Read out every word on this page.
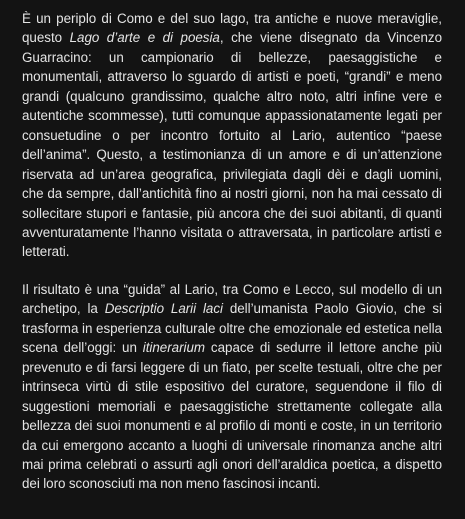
È un periplo di Como e del suo lago, tra antiche e nuove meraviglie, questo Lago d’arte e di poesia, che viene disegnato da Vincenzo Guarracino: un campionario di bellezze, paesaggistiche e monumentali, attraverso lo sguardo di artisti e poeti, “grandi” e meno grandi (qualcuno grandissimo, qualche altro noto, altri infine vere e autentiche scommesse), tutti comunque appassionatamente legati per consuetudine o per incontro fortuito al Lario, autentico “paese dell’anima”. Questo, a testimonianza di un amore e di un’attenzione riservata ad un’area geografica, privilegiata dagli dèi e dagli uomini, che da sempre, dall’antichità fino ai nostri giorni, non ha mai cessato di sollecitare stupori e fantasie, più ancora che dei suoi abitanti, di quanti avventuratamente l’hanno visitata o attraversata, in particolare artisti e letterati.

Il risultato è una “guida” al Lario, tra Como e Lecco, sul modello di un archetipo, la Descriptio Larii laci dell’umanista Paolo Giovio, che si trasforma in esperienza culturale oltre che emozionale ed estetica nella scena dell’oggi: un itinerarium capace di sedurre il lettore anche più prevenuto e di farsi leggere di un fiato, per scelte testuali, oltre che per intrinseca virtù di stile espositivo del curatore, seguendone il filo di suggestioni memoriali e paesaggistiche strettamente collegate alla bellezza dei suoi monumenti e al profilo di monti e coste, in un territorio da cui emergono accanto a luoghi di universale rinomanza anche altri mai prima celebrati o assurti agli onori dell’araldica poetica, a dispetto dei loro sconosciuti ma non meno fascinosi incanti.
